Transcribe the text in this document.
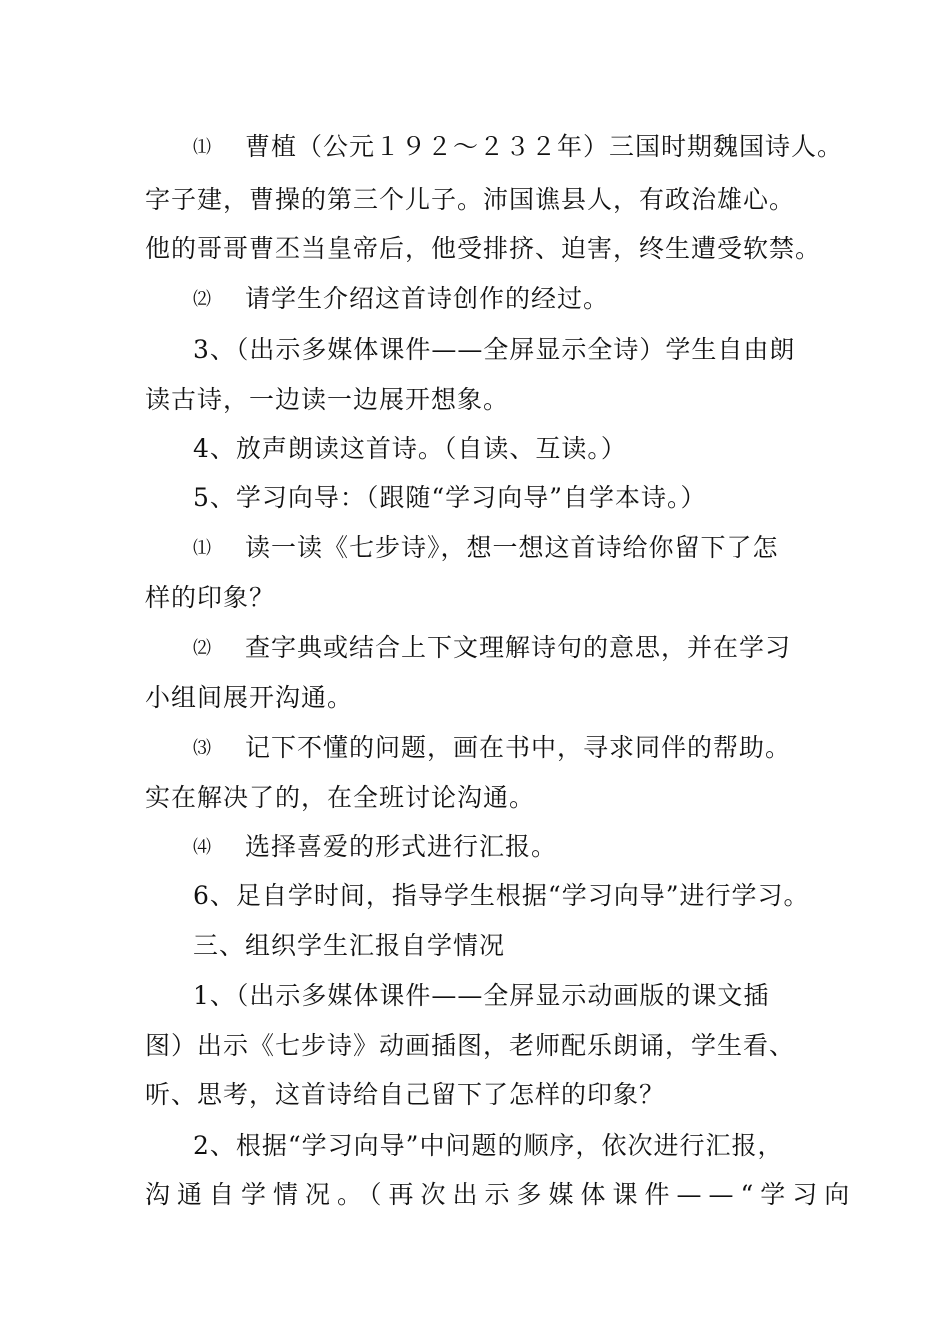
⑴ 曹植（公元１９２～２３２年）三国时期魏国诗人。
字子建，曹操的第三个儿子。沛国谯县人，有政治雄心。
他的哥哥曹丕当皇帝后，他受排挤、迫害，终生遭受软禁。
⑵ 请学生介绍这首诗创作的经过。
3、（出示多媒体课件——全屏显示全诗）学生自由朗
读古诗，一边读一边展开想象。
4、放声朗读这首诗。（自读、互读。）
5、学习向导：（跟随“学习向导”自学本诗。）
⑴ 读一读《七步诗》，想一想这首诗给你留下了怎
样的印象？
⑵ 查字典或结合上下文理解诗句的意思，并在学习
小组间展开沟通。
⑶ 记下不懂的问题，画在书中，寻求同伴的帮助。
实在解决了的，在全班讨论沟通。
⑷ 选择喜爱的形式进行汇报。
6、足自学时间，指导学生根据“学习向导”进行学习。
三、组织学生汇报自学情况
1、（出示多媒体课件——全屏显示动画版的课文插
图）出示《七步诗》动画插图，老师配乐朗诵，学生看、
听、思考，这首诗给自己留下了怎样的印象？
2、根据“学习向导”中问题的顺序，依次进行汇报，
沟通自学情况。（再次出示多媒体课件——“学习向
